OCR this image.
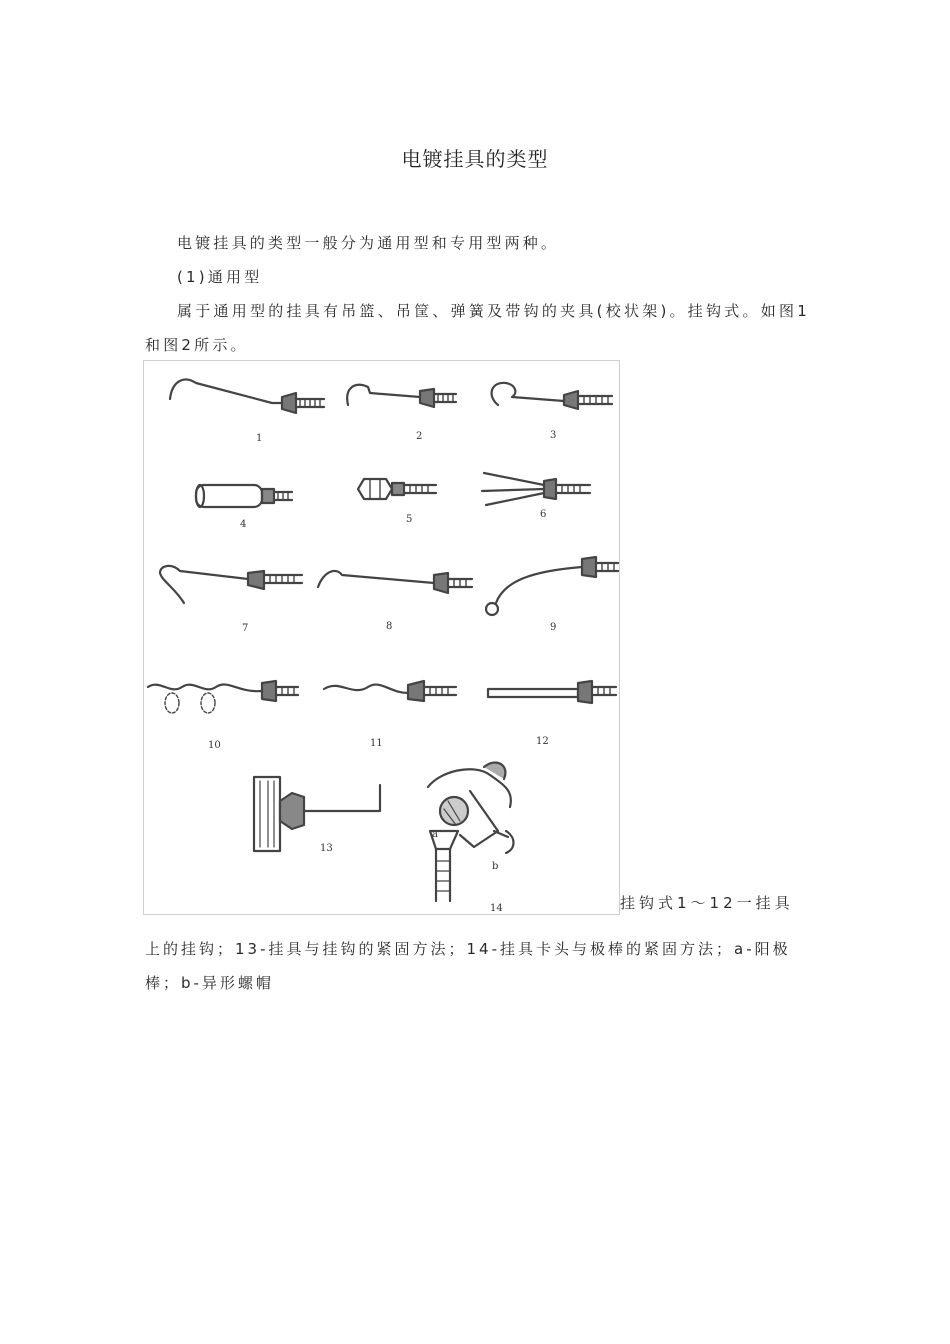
电镀挂具的类型
电镀挂具的类型一般分为通用型和专用型两种。
(1)通用型
属于通用型的挂具有吊篮、吊筐、弹簧及带钩的夹具(校状架)。挂钩式。如图1和图2所示。
1	2	3
4	5	6
7	8	9
10	11	12
13
14
a
b
挂钩式1～12一挂具
上的挂钩；13-挂具与挂钩的紧固方法；14-挂具卡头与极棒的紧固方法；a-阳极棒；b-异形螺帽
